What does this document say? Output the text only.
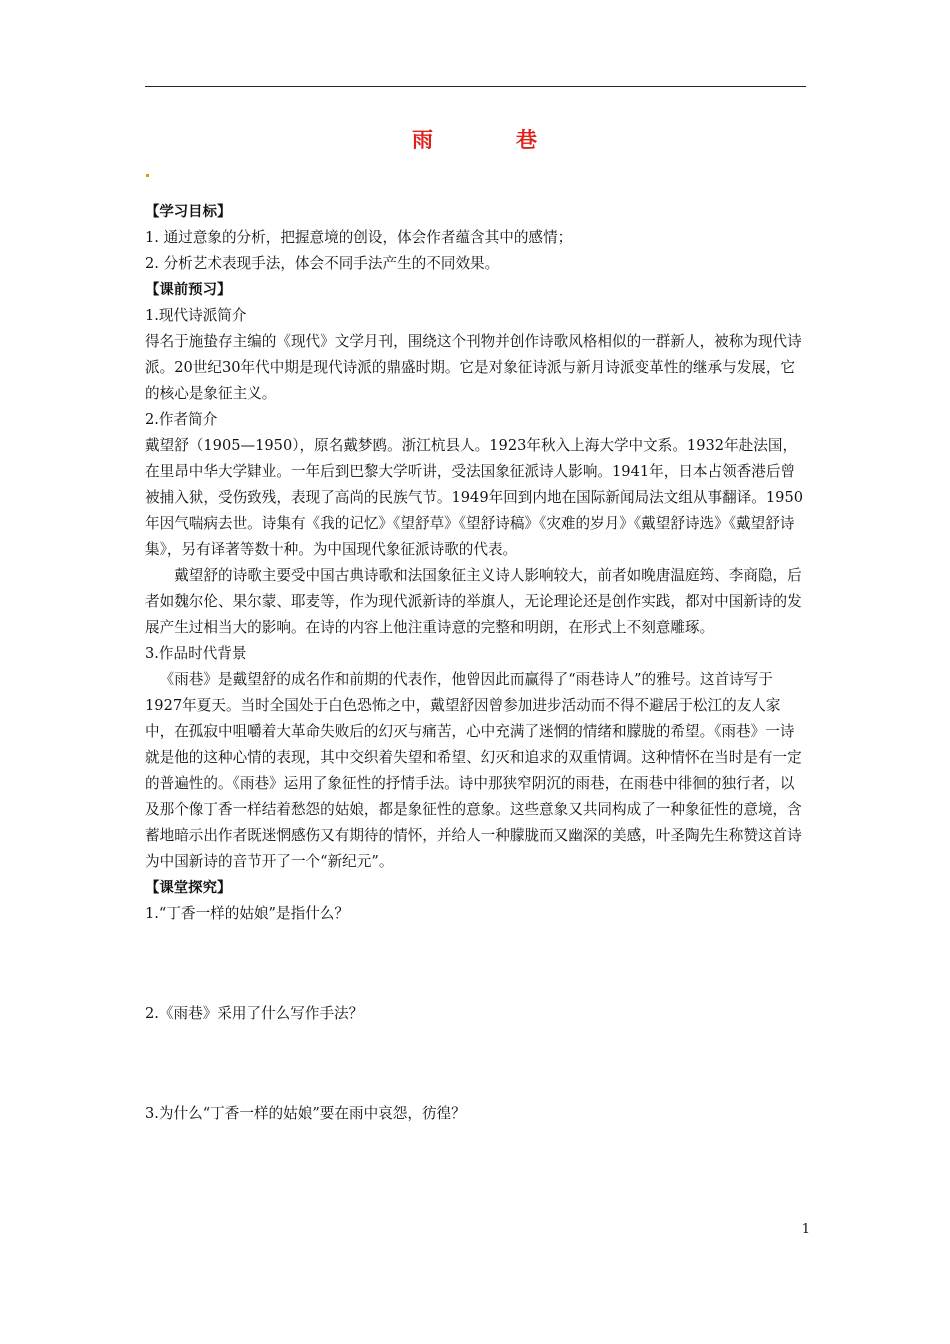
雨	巷

【学习目标】

1. 通过意象的分析，把握意境的创设，体会作者蕴含其中的感情；

2. 分析艺术表现手法，体会不同手法产生的不同效果。

【课前预习】

1.现代诗派简介

得名于施蛰存主编的《现代》文学月刊，围绕这个刊物并创作诗歌风格相似的一群新人，被称为现代诗派。20世纪30年代中期是现代诗派的鼎盛时期。它是对象征诗派与新月诗派变革性的继承与发展，它的核心是象征主义。

2.作者简介

戴望舒（1905—1950），原名戴梦鸥。浙江杭县人。1923年秋入上海大学中文系。1932年赴法国，在里昂中华大学肄业。一年后到巴黎大学听讲，受法国象征派诗人影响。1941年，日本占领香港后曾被捕入狱，受伤致残，表现了高尚的民族气节。1949年回到内地在国际新闻局法文组从事翻译。1950年因气喘病去世。诗集有《我的记忆》《望舒草》《望舒诗稿》《灾难的岁月》《戴望舒诗选》《戴望舒诗集》，另有译著等数十种。为中国现代象征派诗歌的代表。

戴望舒的诗歌主要受中国古典诗歌和法国象征主义诗人影响较大，前者如晚唐温庭筠、李商隐，后者如魏尔伦、果尔蒙、耶麦等，作为现代派新诗的举旗人，无论理论还是创作实践，都对中国新诗的发展产生过相当大的影响。在诗的内容上他注重诗意的完整和明朗，在形式上不刻意雕琢。

3.作品时代背景

《雨巷》是戴望舒的成名作和前期的代表作，他曾因此而赢得了“雨巷诗人”的雅号。这首诗写于1927年夏天。当时全国处于白色恐怖之中，戴望舒因曾参加进步活动而不得不避居于松江的友人家中，在孤寂中咀嚼着大革命失败后的幻灭与痛苦，心中充满了迷惘的情绪和朦胧的希望。《雨巷》一诗就是他的这种心情的表现，其中交织着失望和希望、幻灭和追求的双重情调。这种情怀在当时是有一定的普遍性的。《雨巷》运用了象征性的抒情手法。诗中那狭窄阴沉的雨巷，在雨巷中徘徊的独行者，以及那个像丁香一样结着愁怨的姑娘，都是象征性的意象。这些意象又共同构成了一种象征性的意境，含蓄地暗示出作者既迷惘感伤又有期待的情怀，并给人一种朦胧而又幽深的美感，叶圣陶先生称赞这首诗为中国新诗的音节开了一个“新纪元”。

【课堂探究】

1.“丁香一样的姑娘”是指什么？

2.《雨巷》采用了什么写作手法？

3.为什么“丁香一样的姑娘”要在雨中哀怨，彷徨？

1
